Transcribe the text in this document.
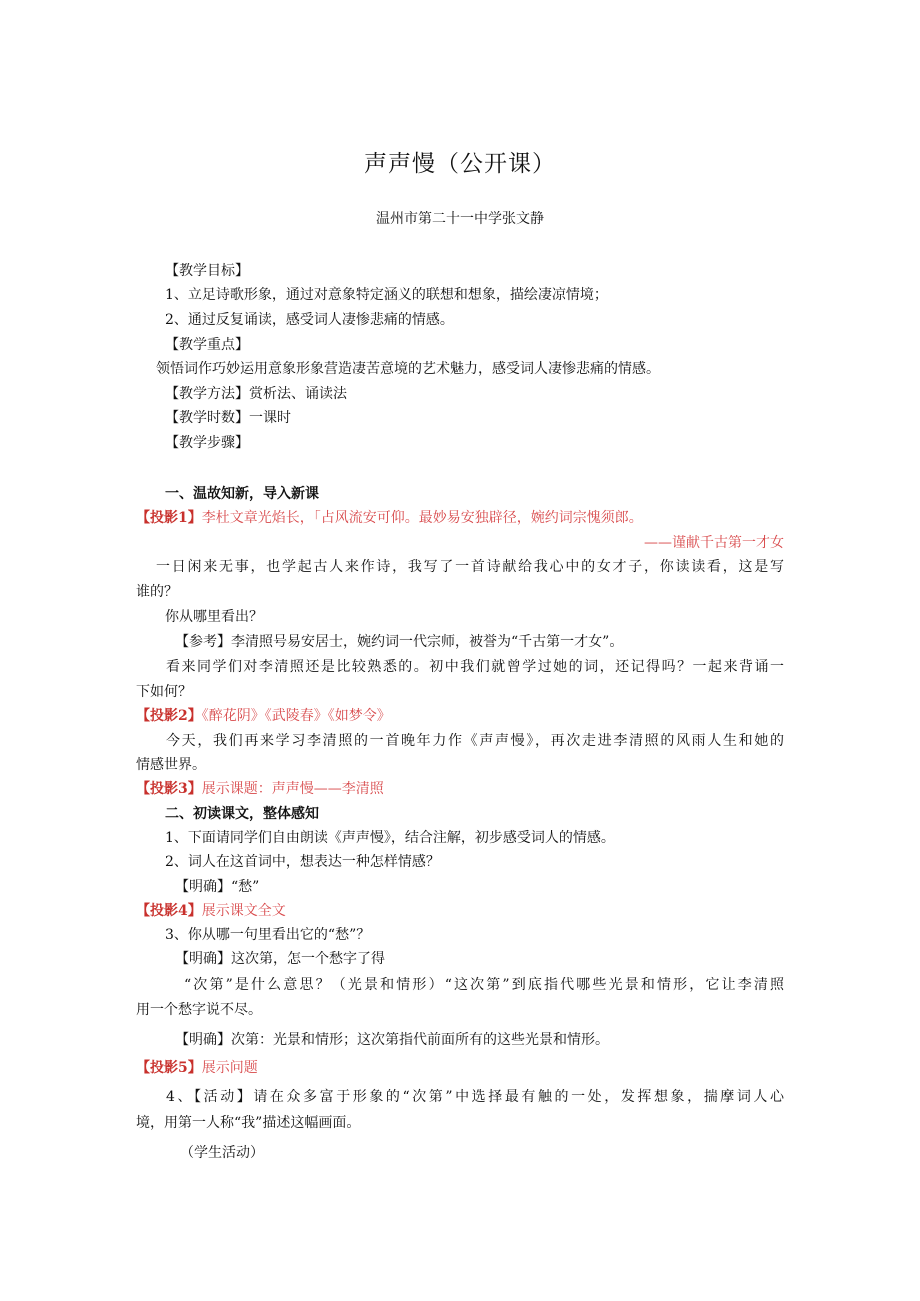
声声慢（公开课）
温州市第二十一中学张文静
【教学目标】
1、立足诗歌形象，通过对意象特定涵义的联想和想象，描绘凄凉情境；
2、通过反复诵读，感受词人凄惨悲痛的情感。
【教学重点】
领悟词作巧妙运用意象形象营造凄苦意境的艺术魅力，感受词人凄惨悲痛的情感。
【教学方法】赏析法、诵读法
【教学时数】一课时
【教学步骤】
一、温故知新，导入新课
【投影1】李杜文章光焰长，「占风流安可仰。最妙易安独辟径，婉约词宗愧须郎。
——谨献千古第一才女
一日闲来无事，也学起古人来作诗，我写了一首诗献给我心中的女才子，你读读看，这是写
谁的？
你从哪里看出？
【参考】李清照号易安居士，婉约词一代宗师，被誉为“千古第一才女”。
看来同学们对李清照还是比较熟悉的。初中我们就曾学过她的词，还记得吗？一起来背诵一
下如何？
【投影2】《醉花阴》《武陵春》《如梦令》
今天，我们再来学习李清照的一首晚年力作《声声慢》，再次走进李清照的风雨人生和她的
情感世界。
【投影3】展示课题：声声慢——李清照
二、初读课文，整体感知
1、下面请同学们自由朗读《声声慢》，结合注解，初步感受词人的情感。
2、词人在这首词中，想表达一种怎样情感？
【明确】“愁”
【投影4】展示课文全文
3、你从哪一句里看出它的“愁”？
【明确】这次第，怎一个愁字了得
“次第”是什么意思？（光景和情形）“这次第”到底指代哪些光景和情形，它让李清照
用一个愁字说不尽。
【明确】次第：光景和情形；这次第指代前面所有的这些光景和情形。
【投影5】展示问题
4、【活动】请在众多富于形象的“次第”中选择最有触的一处，发挥想象，揣摩词人心
境，用第一人称“我”描述这幅画面。
（学生活动）
